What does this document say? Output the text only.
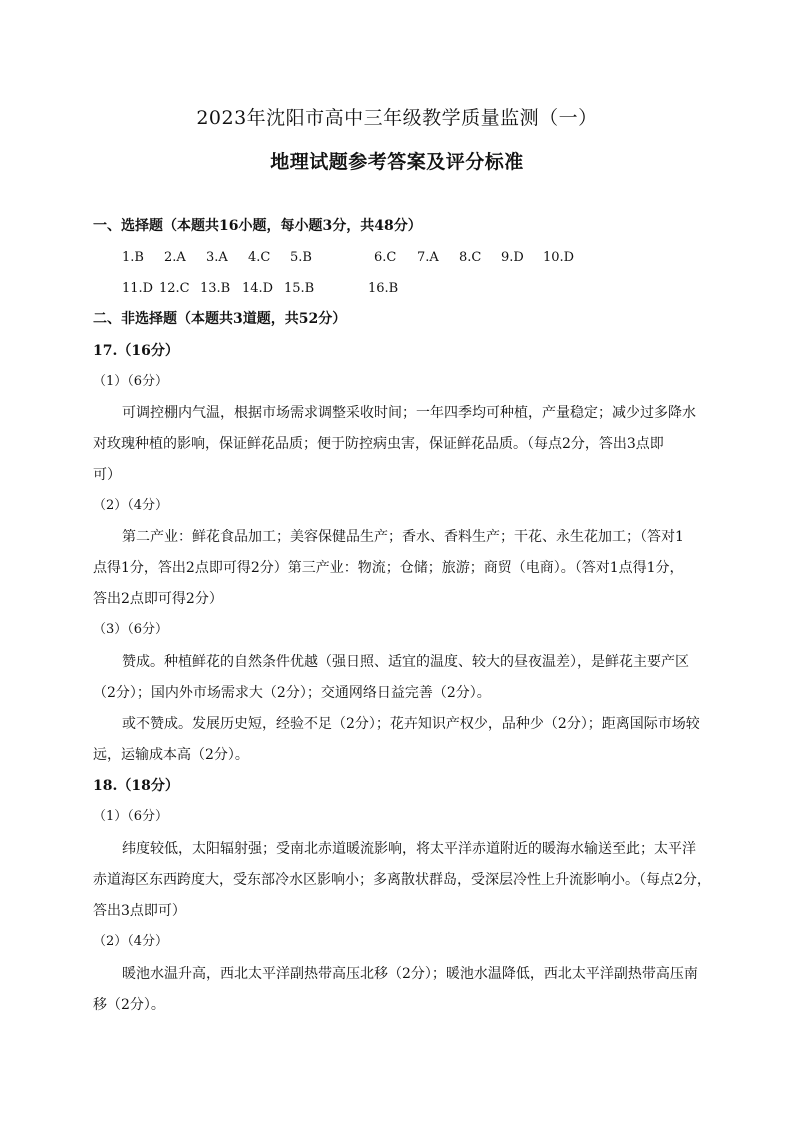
2023年沈阳市高中三年级教学质量监测（一）
地理试题参考答案及评分标准
一、选择题（本题共16小题，每小题3分，共48分）
1.B 2.A 3.A 4.C 5.B	6.C 7.A 8.C 9.D 10.D
11.D 12.C 13.B 14.D 15.B	16.B
二、非选择题（本题共3道题，共52分）
17.（16分）
（1）（6分）
可调控棚内气温，根据市场需求调整采收时间；一年四季均可种植，产量稳定；减少过多降水
对玫瑰种植的影响，保证鲜花品质；便于防控病虫害，保证鲜花品质。（每点2分，答出3点即
可）
（2）（4分）
第二产业：鲜花食品加工；美容保健品生产；香水、香料生产；干花、永生花加工；（答对1
点得1分，答出2点即可得2分）第三产业：物流；仓储；旅游；商贸（电商）。（答对1点得1分，
答出2点即可得2分）
（3）（6分）
赞成。种植鲜花的自然条件优越（强日照、适宜的温度、较大的昼夜温差），是鲜花主要产区
（2分）；国内外市场需求大（2分）；交通网络日益完善（2分）。
或不赞成。发展历史短，经验不足（2分）；花卉知识产权少，品种少（2分）；距离国际市场较
远，运输成本高（2分）。
18.（18分）
（1）（6分）
纬度较低，太阳辐射强；受南北赤道暖流影响，将太平洋赤道附近的暖海水输送至此；太平洋
赤道海区东西跨度大，受东部冷水区影响小；多离散状群岛，受深层冷性上升流影响小。（每点2分，
答出3点即可）
（2）（4分）
暖池水温升高，西北太平洋副热带高压北移（2分）；暖池水温降低，西北太平洋副热带高压南
移（2分）。
